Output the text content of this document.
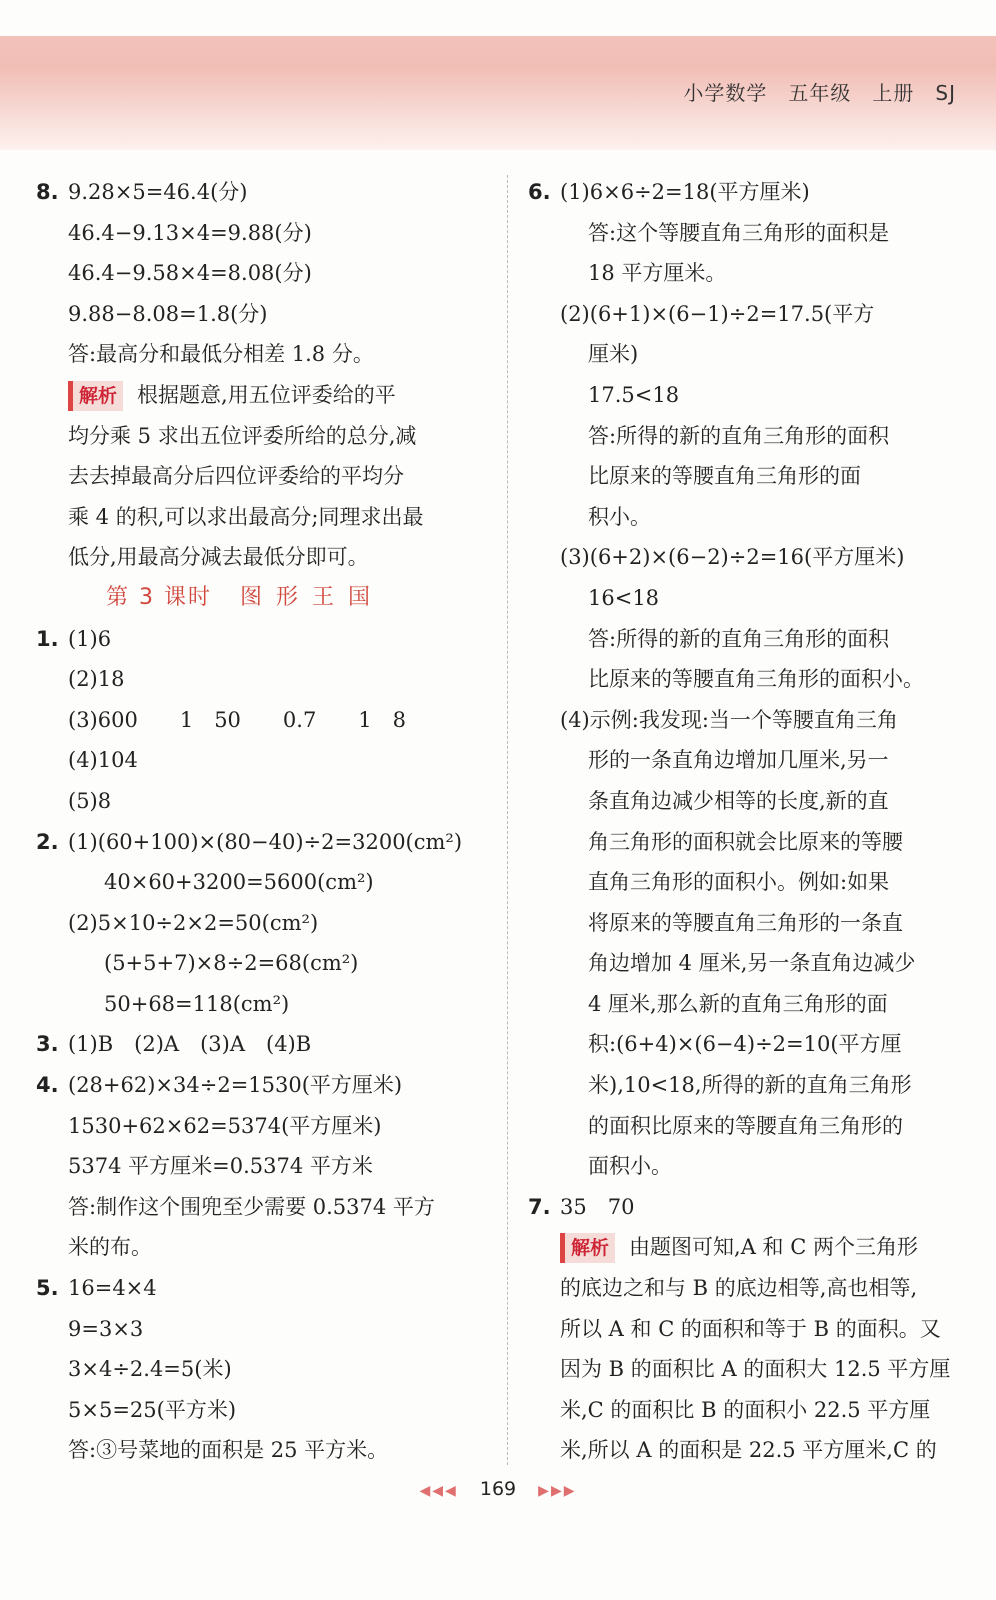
小学数学　五年级　上册　SJ
8. 9.28×5=46.4(分)
46.4−9.13×4=9.88(分)
46.4−9.58×4=8.08(分)
9.88−8.08=1.8(分)
答:最高分和最低分相差 1.8 分。
解析 根据题意,用五位评委给的平
均分乘 5 求出五位评委所给的总分,减
去去掉最高分后四位评委给的平均分
乘 4 的积,可以求出最高分;同理求出最
低分,用最高分减去最低分即可。
第 3 课时 图形王国
1. (1)6
(2)18
(3)600　　1　50　　0.7　　1　8
(4)104
(5)8
2. (1)(60+100)×(80−40)÷2=3200(cm²)
40×60+3200=5600(cm²)
(2)5×10÷2×2=50(cm²)
(5+5+7)×8÷2=68(cm²)
50+68=118(cm²)
3. (1)B　(2)A　(3)A　(4)B
4. (28+62)×34÷2=1530(平方厘米)
1530+62×62=5374(平方厘米)
5374 平方厘米=0.5374 平方米
答:制作这个围兜至少需要 0.5374 平方
米的布。
5. 16=4×4
9=3×3
3×4÷2.4=5(米)
5×5=25(平方米)
答:③号菜地的面积是 25 平方米。
6. (1)6×6÷2=18(平方厘米)
答:这个等腰直角三角形的面积是
18 平方厘米。
(2)(6+1)×(6−1)÷2=17.5(平方
厘米)
17.5<18
答:所得的新的直角三角形的面积
比原来的等腰直角三角形的面
积小。
(3)(6+2)×(6−2)÷2=16(平方厘米)
16<18
答:所得的新的直角三角形的面积
比原来的等腰直角三角形的面积小。
(4)示例:我发现:当一个等腰直角三角
形的一条直角边增加几厘米,另一
条直角边减少相等的长度,新的直
角三角形的面积就会比原来的等腰
直角三角形的面积小。例如:如果
将原来的等腰直角三角形的一条直
角边增加 4 厘米,另一条直角边减少
4 厘米,那么新的直角三角形的面
积:(6+4)×(6−4)÷2=10(平方厘
米),10<18,所得的新的直角三角形
的面积比原来的等腰直角三角形的
面积小。
7. 35　70
解析 由题图可知,A 和 C 两个三角形
的底边之和与 B 的底边相等,高也相等,
所以 A 和 C 的面积和等于 B 的面积。又
因为 B 的面积比 A 的面积大 12.5 平方厘
米,C 的面积比 B 的面积小 22.5 平方厘
米,所以 A 的面积是 22.5 平方厘米,C 的
◀◀◀ 169 ▶▶▶
